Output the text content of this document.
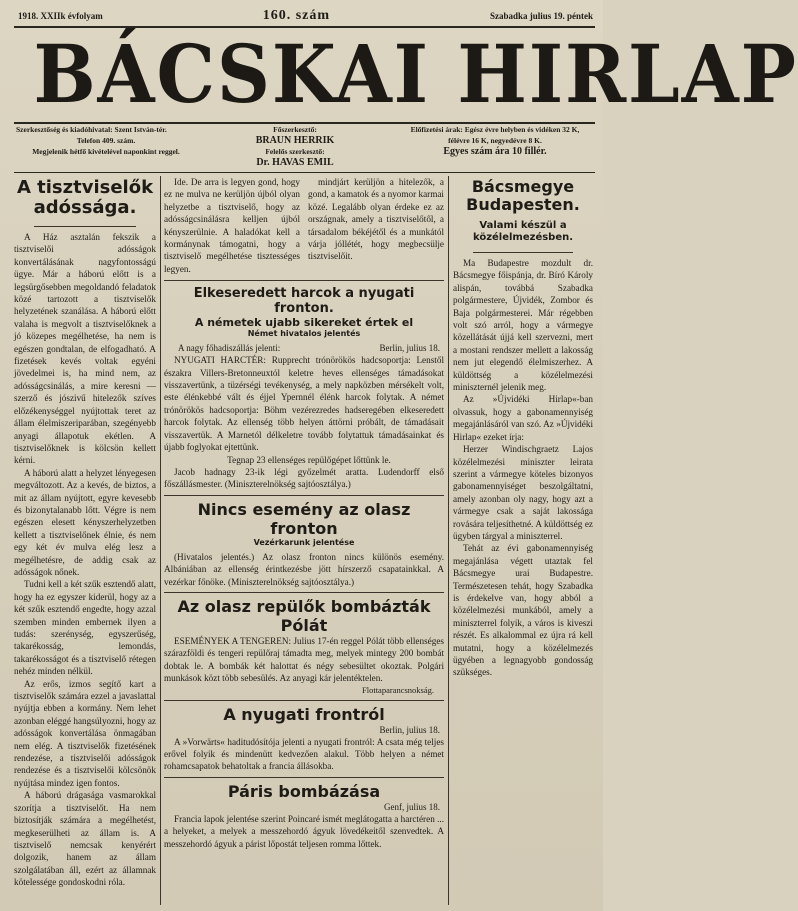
1918. XXIIk évfolyam	160. szám	Szabadka julius 19. péntek
BÁCSKAI HIRLAP
Szerkesztőség és kiadóhivatal: Szent István-tér.
Telefon 409. szám.
Megjelenik hétfő kivételével naponkint reggel.
Főszerkesztő:
BRAUN HERRIK
Felelős szerkesztő:
Dr. HAVAS EMIL
Előfizetési árak: Egész évre helyben és vidéken 32 K,
félévre 16 K, negyedévre 8 K.
Egyes szám ára 10 fillér.
A tisztviselők adóssága.

A Ház asztalán fekszik a tisztviselői adósságok konvertálásának nagyfontosságú ügye. Már a háború előtt is a legsürgősebben megoldandó feladatok közé tartozott a tisztviselők helyzetének szanálása. A háború előtt valaha is megvolt a tisztviselőknek a jó közepes megélhetése, ha nem is egészen gondtalan, de elfogadható. A fizetések kevés voltak egyéni jövedelmei is, ha mind nem, az adósságcsinálás, a mire keresni — szerző és jószivű hitelezők szíves előzékenységgel nyújtottak teret az állam élelmiszeriparában, szegényebb anyagi állapotuk ekétlen. A tisztviselőknek is kölcsön kellett kérni.

A háború alatt a helyzet lényegesen megváltozott. Az a kevés, de biztos, a mit az állam nyújtott, egyre kevesebb és bizonytalanabb lőtt. Végre is nem egészen elesett kényszerhelyzetben kellett a tisztviselőnek élnie, és nem egy két év mulva elég lesz a megélhetésre, de addig csak az adósságok nőnek.

Tudni kell a két szűk esztendő alatt, hogy ha ez egyszer kiderül, hogy az a két szűk esztendő engedte, hogy azzal szemben minden embernek ilyen a tudás: szerénység, egyszerűség, takarékosság, lemondás, takarékosságot és a tisztviselő rétegen nehéz minden nélkül.

Az erős, izmos segítő kart a tisztviselők számára ezzel a javaslattal nyújtja ebben a kormány. Nem lehet azonban eléggé hangsúlyozni, hogy az adósságok konvertálása önmagában nem elég. A tisztviselők fizetésének rendezése, a tisztviselői adósságok rendezése és a tisztviselői kölcsönök nyújtása mindez igen fontos.

A háború drágasága vasmarokkal szorítja a tisztviselőt. Ha nem biztosítják számára a megélhetést, megkeserülheti az állam is. A tisztviselő nemcsak kenyérért dolgozik, hanem az állam szolgálatában áll, ezért az államnak kötelessége gondoskodni róla.

Ide. De arra is legyen gond, hogy ez ne mulva ne kerüljön újból olyan helyzetbe a tisztviselő, hogy az adósságcsinálásra kelljen újból kényszerülnie. A haladókat kell a kormánynak támogatni, hogy a tisztviselő megélhetése tisztességes legyen.

mindjárt kerüljön a hitelezők, a gond, a kamatok és a nyomor karmai közé. Legalább olyan érdeke ez az országnak, amely a tisztviselőtől, a társadalom békéjétől és a munkától várja jóllétét, hogy megbecsülje tisztviselőit.

Elkeseredett harcok a nyugati fronton.
A németek ujabb sikereket értek el
Német hivatalos jelentés
A nagy főhadiszállás jelenti:	Berlin, julius 18.

NYUGATI HARCTÉR: Rupprecht trónörökös hadcsoportja: Lenstől északra Villers-Bretonneuxtól keletre heves ellenséges támadásokat visszavertünk, a tüzérségi tevékenység, a mely napközben mérsékelt volt, este élénkebbé vált és éjjel Ypernnél élénk harcok folytak. A német trónörökös hadcsoportja: Böhm vezérezredes hadseregében elkeseredett harcok folytak. Az ellenség több helyen áttörni próbált, de támadásait visszavertük. A Marnetól délkeletre tovább folytattuk támadásainkat és újabb foglyokat ejtettünk.

Tegnap 23 ellenséges repülőgépet lőttünk le.

Jacob hadnagy 23-ik légi győzelmét aratta. Ludendorff első főszállásmester. (Miniszterelnökség sajtóosztálya.)

Nincs esemény az olasz fronton
Vezérkarunk jelentése

(Hivatalos jelentés.) Az olasz fronton nincs különös esemény. Albániában az ellenség érintkezésbe jött hírszerző csapatainkkal. A vezérkar főnöke. (Miniszterelnökség sajtóosztálya.)

Az olasz repülők bombázták Pólát

ESEMÉNYEK A TENGEREN: Julius 17-én reggel Pólát több ellenséges szárazföldi és tengeri repülőraj támadta meg, melyek mintegy 200 bombát dobtak le. A bombák két halottat és négy sebesültet okoztak. Polgári munkások közt több sebesülés. Az anyagi kár jelentéktelen.

Flottaparancsnokság.
A nyugati frontról
Berlin, julius 18.

A »Vorwärts« haditudósítója jelenti a nyugati frontról: A csata még teljes erővel folyik és mindenütt kedvezően alakul. Több helyen a német rohamcsapatok behatoltak a francia állásokba.

Páris bombázása
Genf, julius 18.

Francia lapok jelentése szerint Poincaré ismét meglátogatta a harctéren ... a helyeket, a melyek a messzehordó ágyuk lövedékeitől szenvedtek. A messzehordó ágyuk a párist lőpostát teljesen romma lőttek.

Bácsmegye Budapesten.
Valami készül a közélelmezésben.

Ma Budapestre mozdult dr. Bácsmegye főispánja, dr. Bíró Károly alispán, továbbá Szabadka polgármestere, Újvidék, Zombor és Baja polgármesterei. Már régebben volt szó arról, hogy a vármegye közellátását újjá kell szervezni, mert a mostani rendszer mellett a lakosság nem jut elegendő élelmiszerhez. A küldöttség a közélelmezési miniszternél jelenik meg.

Az »Újvidéki Hirlap«-ban olvassuk, hogy a gabonamennyiség megajánlásáról van szó. Az »Újvidéki Hirlap« ezeket írja:

Herzer Windischgraetz Lajos közélelmezési miniszter leirata szerint a vármegye köteles bizonyos gabonamennyiséget beszolgáltatni, amely azonban oly nagy, hogy azt a vármegye csak a saját lakossága rovására teljesíthetné. A küldöttség ez ügyben tárgyal a miniszterrel.

Tehát az évi gabonamennyiség megajánlása végett utaztak fel Bácsmegye urai Budapestre. Természetesen tehát, hogy Szabadka is érdekelve van, hogy abból a közélelmezési munkából, amely a miniszterrel folyik, a város is kiveszi részét. Es alkalommal ez újra rá kell mutatni, hogy a közélelmezés ügyében a legnagyobb gondosság szükséges.
